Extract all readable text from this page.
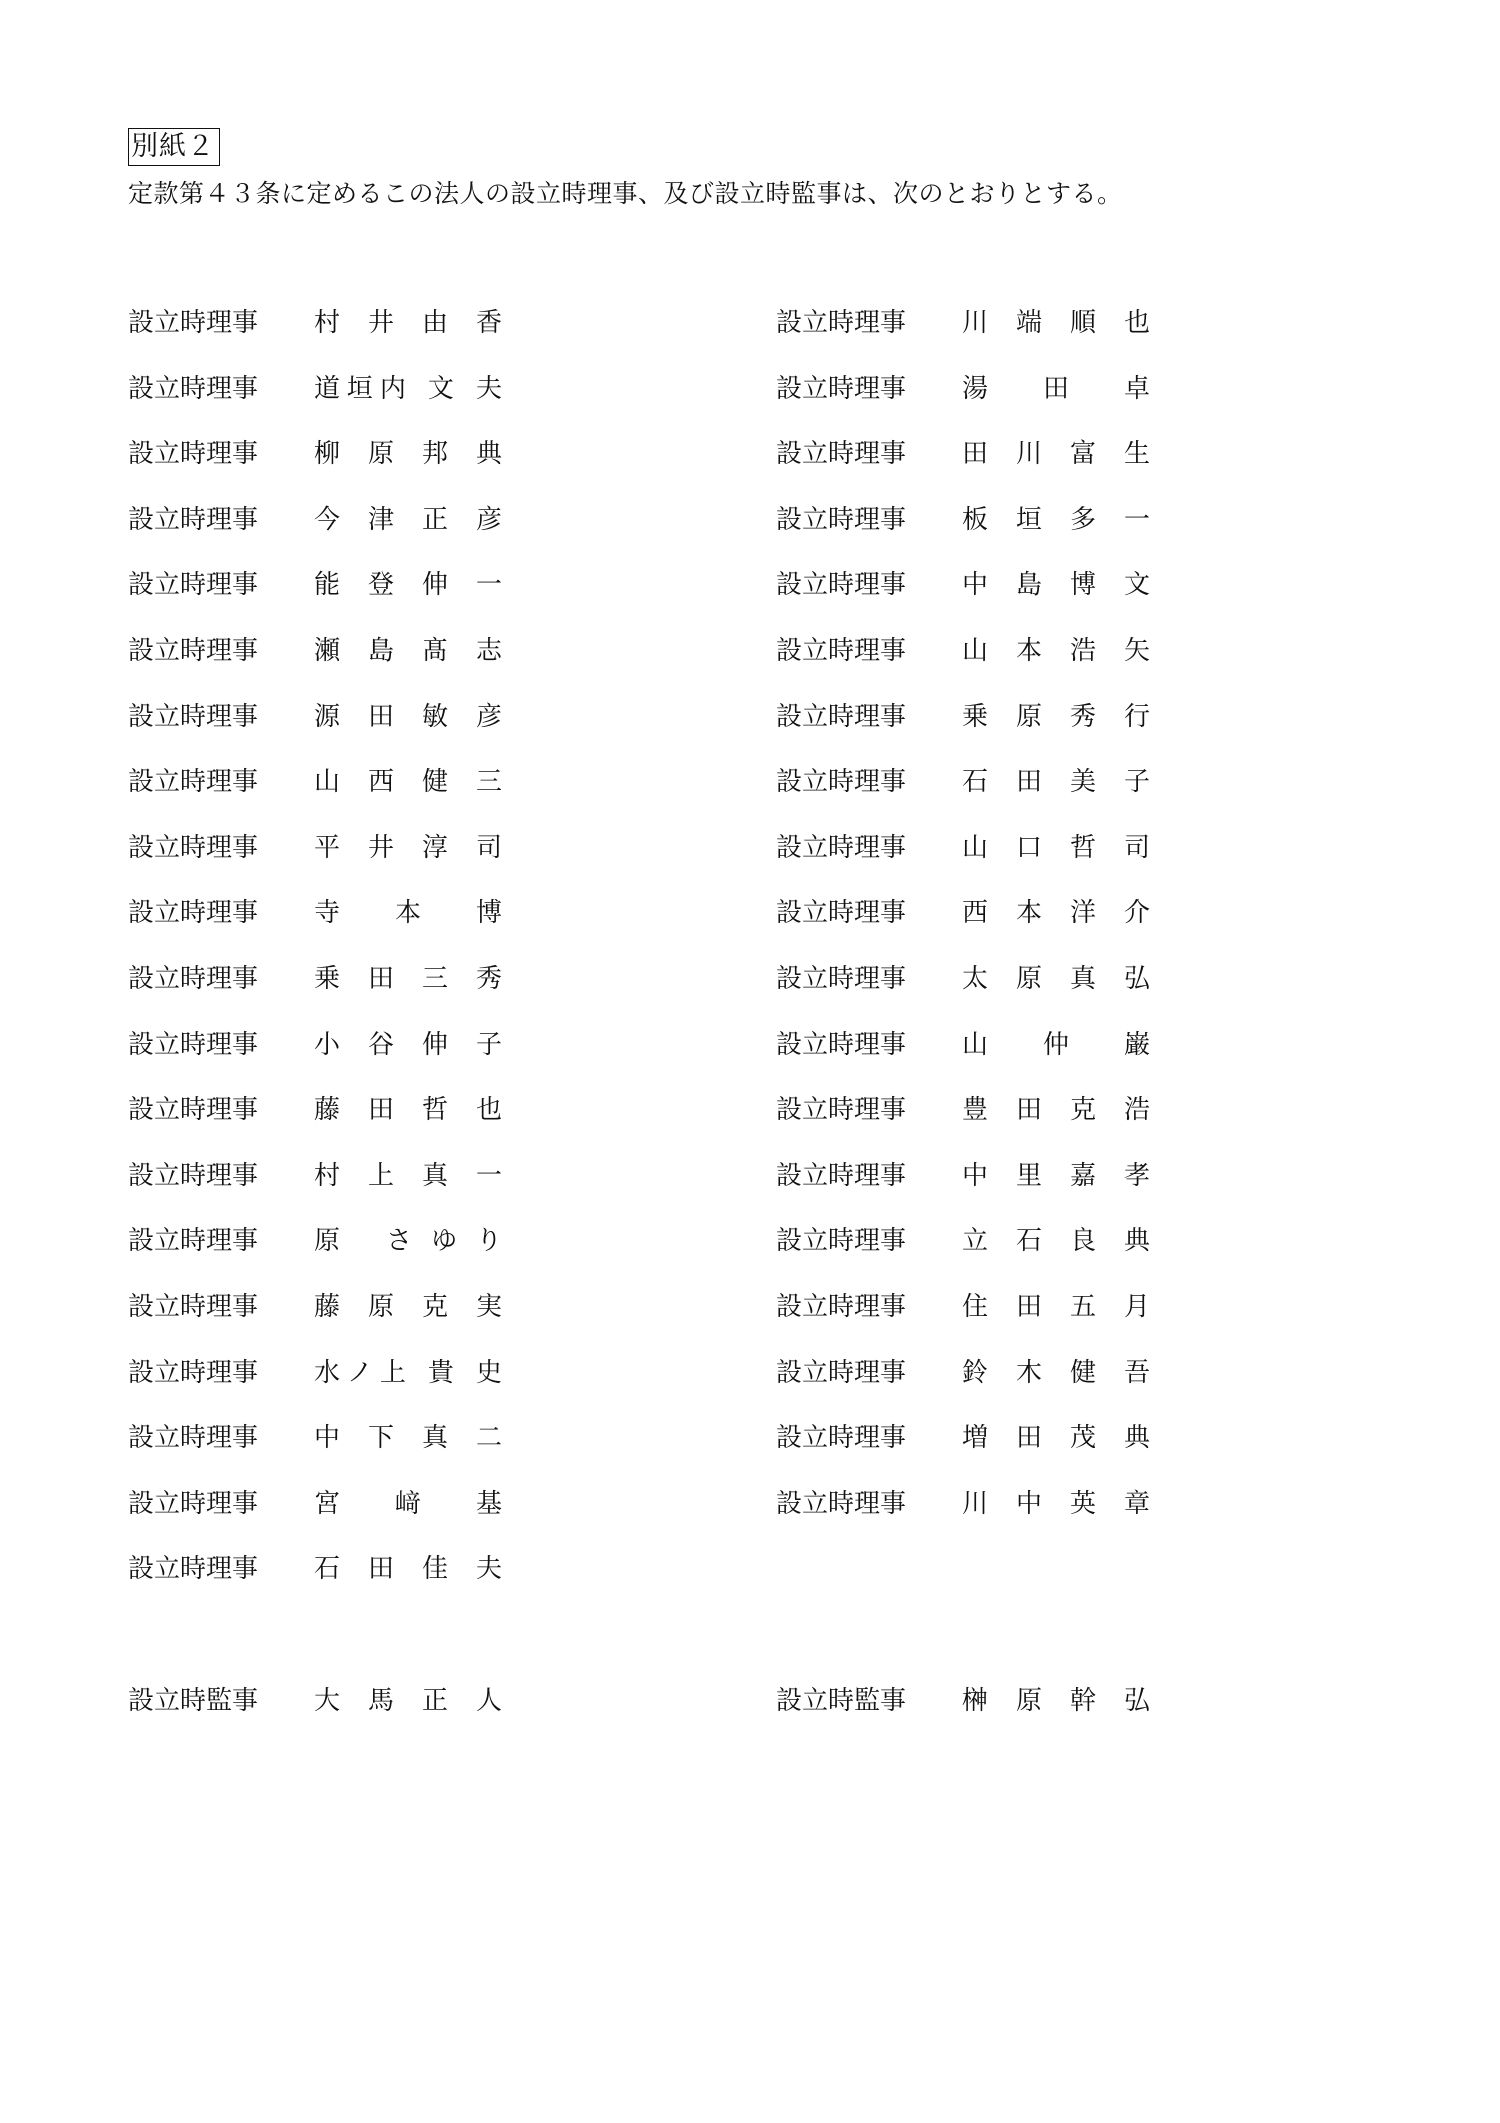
別紙２
定款第４３条に定めるこの法人の設立時理事、及び設立時監事は、次のとおりとする。
設立時理事 村 井 由 香
設立時理事 道垣内 文 夫
設立時理事 柳 原 邦 典
設立時理事 今 津 正 彦
設立時理事 能 登 伸 一
設立時理事 瀬 島 髙 志
設立時理事 源 田 敏 彦
設立時理事 山 西 健 三
設立時理事 平 井 淳 司
設立時理事 寺 本 博
設立時理事 乗 田 三 秀
設立時理事 小 谷 伸 子
設立時理事 藤 田 哲 也
設立時理事 村 上 真 一
設立時理事 原 さゆり
設立時理事 藤 原 克 実
設立時理事 水ノ上 貴 史
設立時理事 中 下 真 二
設立時理事 宮 﨑 基
設立時理事 石 田 佳 夫
設立時理事 川 端 順 也
設立時理事 湯 田 卓
設立時理事 田 川 富 生
設立時理事 板 垣 多 一
設立時理事 中 島 博 文
設立時理事 山 本 浩 矢
設立時理事 乗 原 秀 行
設立時理事 石 田 美 子
設立時理事 山 口 哲 司
設立時理事 西 本 洋 介
設立時理事 太 原 真 弘
設立時理事 山 仲 巌
設立時理事 豊 田 克 浩
設立時理事 中 里 嘉 孝
設立時理事 立 石 良 典
設立時理事 住 田 五 月
設立時理事 鈴 木 健 吾
設立時理事 増 田 茂 典
設立時理事 川 中 英 章
設立時監事 大 馬 正 人	設立時監事 榊 原 幹 弘
